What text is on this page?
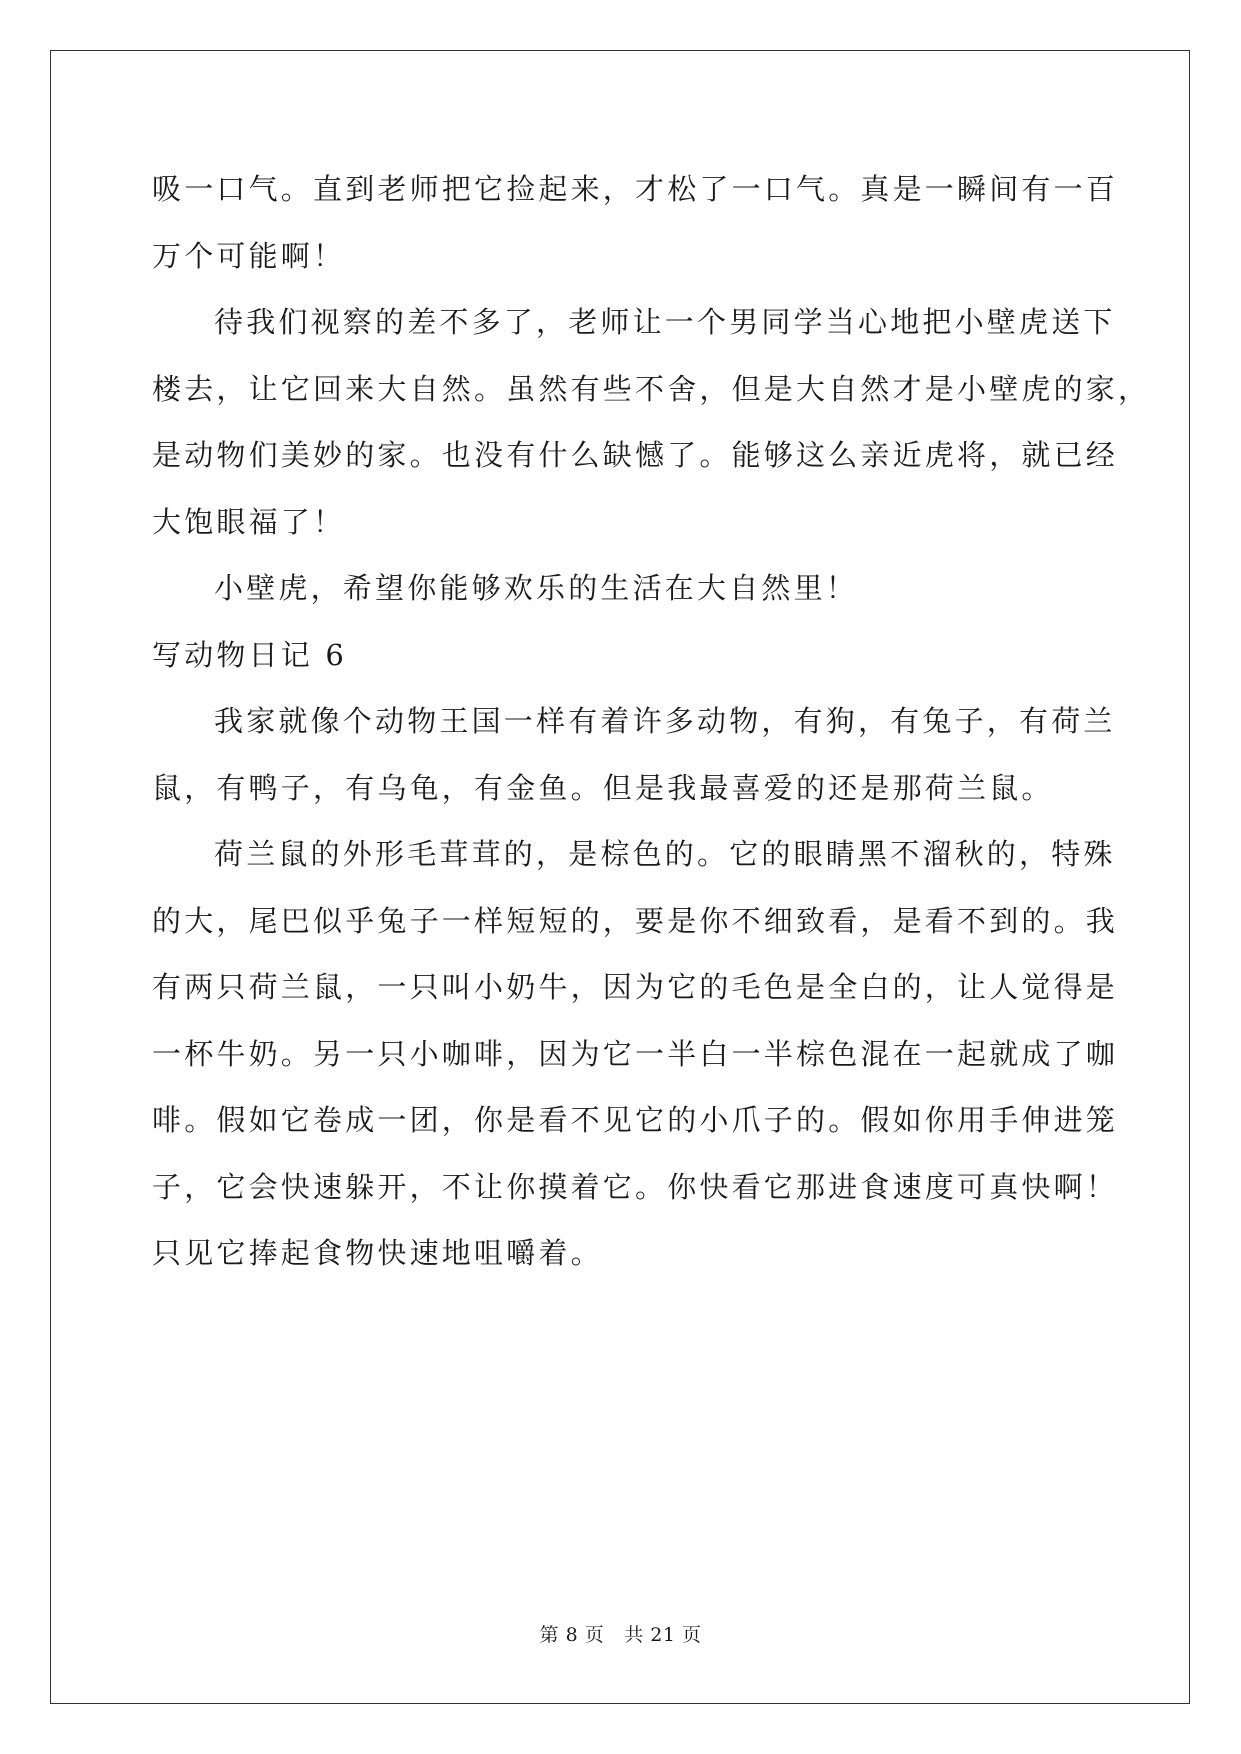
吸一口气。直到老师把它捡起来，才松了一口气。真是一瞬间有一百
万个可能啊！
待我们视察的差不多了，老师让一个男同学当心地把小壁虎送下
楼去，让它回来大自然。虽然有些不舍，但是大自然才是小壁虎的家，
是动物们美妙的家。也没有什么缺憾了。能够这么亲近虎将，就已经
大饱眼福了！
小壁虎，希望你能够欢乐的生活在大自然里！
写动物日记 6
我家就像个动物王国一样有着许多动物，有狗，有兔子，有荷兰
鼠，有鸭子，有乌龟，有金鱼。但是我最喜爱的还是那荷兰鼠。
荷兰鼠的外形毛茸茸的，是棕色的。它的眼睛黑不溜秋的，特殊
的大，尾巴似乎兔子一样短短的，要是你不细致看，是看不到的。我
有两只荷兰鼠，一只叫小奶牛，因为它的毛色是全白的，让人觉得是
一杯牛奶。另一只小咖啡，因为它一半白一半棕色混在一起就成了咖
啡。假如它卷成一团，你是看不见它的小爪子的。假如你用手伸进笼
子，它会快速躲开，不让你摸着它。你快看它那进食速度可真快啊！
只见它捧起食物快速地咀嚼着。
第 8 页 共 21 页
